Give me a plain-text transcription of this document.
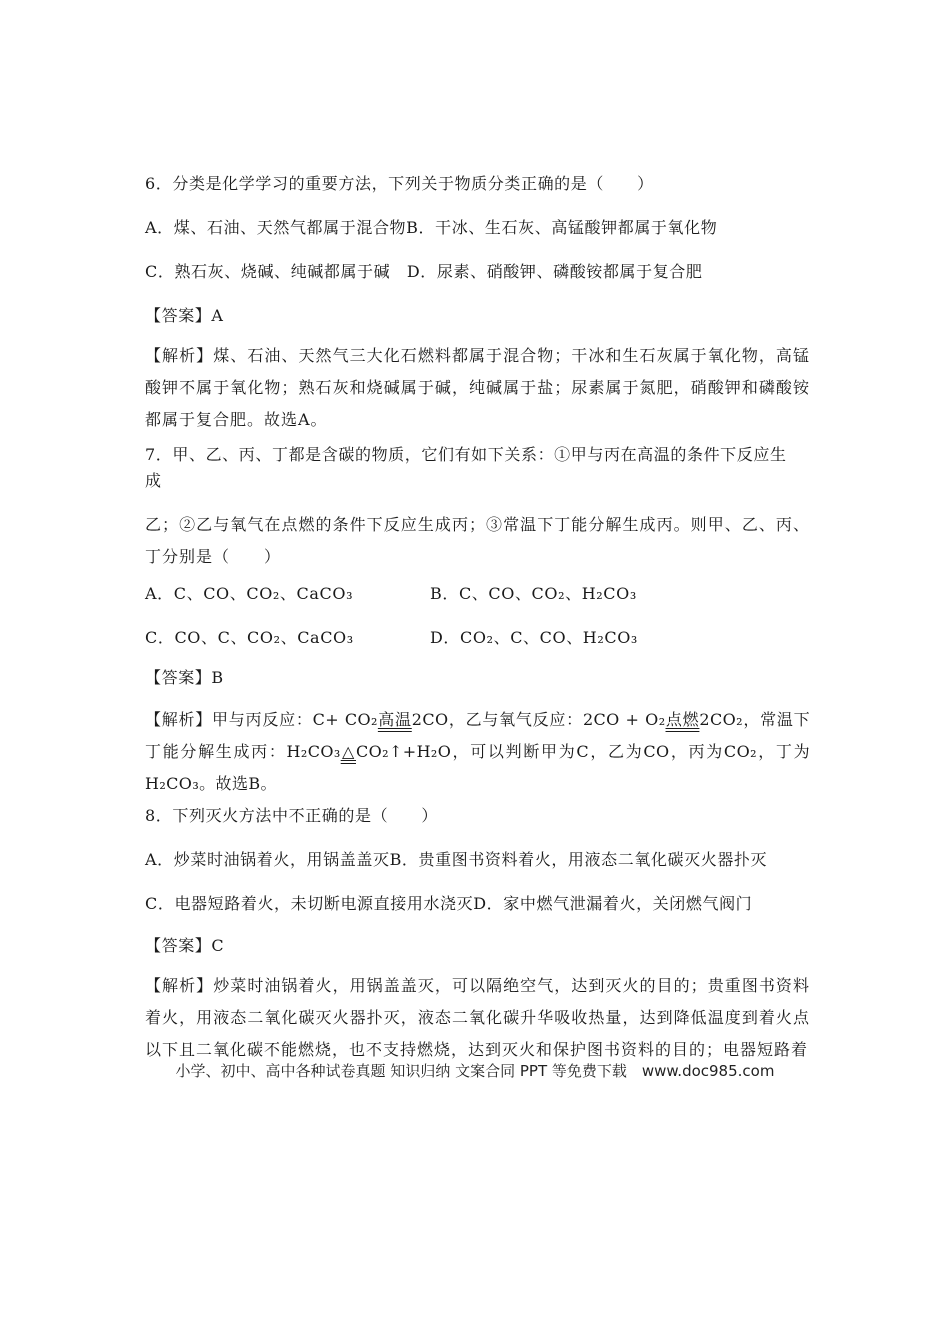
6．分类是化学学习的重要方法，下列关于物质分类正确的是（　　）
A．煤、石油、天然气都属于混合物B．干冰、生石灰、高锰酸钾都属于氧化物
C．熟石灰、烧碱、纯碱都属于碱　 D．尿素、硝酸钾、磷酸铵都属于复合肥
【答案】A
【解析】煤、石油、天然气三大化石燃料都属于混合物；干冰和生石灰属于氧化物，高锰酸钾不属于氧化物；熟石灰和烧碱属于碱，纯碱属于盐；尿素属于氮肥，硝酸钾和磷酸铵都属于复合肥。故选A。
7．甲、乙、丙、丁都是含碳的物质，它们有如下关系：①甲与丙在高温的条件下反应生
成
乙；②乙与氧气在点燃的条件下反应生成丙；③常温下丁能分解生成丙。则甲、乙、丙、丁分别是（　　）
A．C、CO、CO₂、CaCO₃	B．C、CO、CO₂、H₂CO₃
C．CO、C、CO₂、CaCO₃	D．CO₂、C、CO、H₂CO₃
【答案】B
【解析】甲与丙反应：C+ CO₂高温2CO，乙与氧气反应：2CO + O₂点燃2CO₂，常温下丁能分解生成丙：H₂CO₃△CO₂↑+H₂O，可以判断甲为C，乙为CO，丙为CO₂，丁为H₂CO₃。故选B。
8．下列灭火方法中不正确的是（　　）
A．炒菜时油锅着火，用锅盖盖灭B．贵重图书资料着火，用液态二氧化碳灭火器扑灭
C．电器短路着火，未切断电源直接用水浇灭D．家中燃气泄漏着火，关闭燃气阀门
【答案】C
【解析】炒菜时油锅着火，用锅盖盖灭，可以隔绝空气，达到灭火的目的；贵重图书资料着火，用液态二氧化碳灭火器扑灭，液态二氧化碳升华吸收热量，达到降低温度到着火点以下且二氧化碳不能燃烧，也不支持燃烧，达到灭火和保护图书资料的目的；电器短路着
小学、初中、高中各种试卷真题 知识归纳 文案合同 PPT 等免费下载　www.doc985.com
